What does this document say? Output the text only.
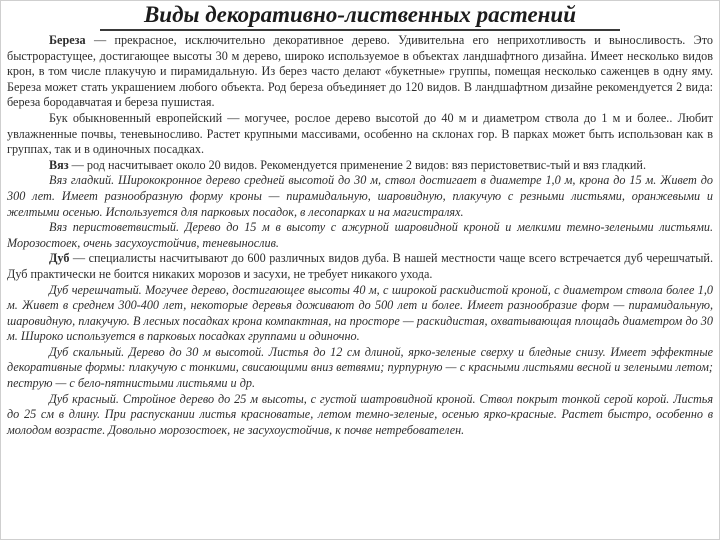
Виды декоративно-лиственных растений

Береза — прекрасное, исключительно декоративное дерево. Удивительна его неприхотливость и выносливость. Это быстрорастущее, достигающее высоты 30 м дерево, широко используемое в объектах ландшафтного дизайна. Имеет несколько видов крон, в том числе плакучую и пирамидальную. Из берез часто делают «букетные» группы, помещая несколько саженцев в одну яму. Береза может стать украшением любого объекта. Род береза объединяет до 120 видов. В ландшафтном дизайне рекомендуется 2 вида: береза бородавчатая и береза пушистая.

Бук обыкновенный европейский — могучее, рослое дерево высотой до 40 м и диаметром ствола до 1 м и более.. Любит увлажненные почвы, теневыносливо. Растет крупными массивами, особенно на склонах гор. В парках может быть использован как в группах, так и в одиночных посадках.

Вяз — род насчитывает около 20 видов. Рекомендуется применение 2 видов: вяз перистоветвис-тый и вяз гладкий.

Вяз гладкий. Ширококронное дерево средней высотой до 30 м, ствол достигает в диаметре 1,0 м, крона до 15 м. Живет до 300 лет. Имеет разнообразную форму кроны — пирамидальную, шаровидную, плакучую с резными листьями, оранжевыми и желтыми осенью. Используется для парковых посадок, в лесопарках и на магистралях.

Вяз перистоветвистый. Дерево до 15 м в высоту с ажурной шаровидной кроной и мелкими темно-зелеными листьями. Морозостоек, очень засухоустойчив, теневынослив.

Дуб — специалисты насчитывают до 600 различных видов дуба. В нашей местности чаще всего встречается дуб черешчатый. Дуб практически не боится никаких морозов и засухи, не требует никакого ухода.

Дуб черешчатый. Могучее дерево, достигающее высоты 40 м, с широкой раскидистой кроной, с диаметром ствола более 1,0 м. Живет в среднем 300-400 лет, некоторые деревья доживают до 500 лет и более. Имеет разнообразие форм — пирамидальную, шаровидную, плакучую. В лесных посадках крона компактная, на просторе — раскидистая, охватывающая площадь диаметром до 30 м. Широко используется в парковых посадках группами и одиночно.

Дуб скальный. Дерево до 30 м высотой. Листья до 12 см длиной, ярко-зеленые сверху и бледные снизу. Имеет эффектные декоративные формы: плакучую с тонкими, свисающими вниз ветвями; пурпурную — с красными листьями весной и зелеными летом; пеструю — с бело-пятнистыми листьями и др.

Дуб красный. Стройное дерево до 25 м высоты, с густой шатровидной кроной. Ствол покрыт тонкой серой корой. Листья до 25 см в длину. При распускании листья красноватые, летом темно-зеленые, осенью ярко-красные. Растет быстро, особенно в молодом возрасте. Довольно морозостоек, не засухоустойчив, к почве нетребователен.
